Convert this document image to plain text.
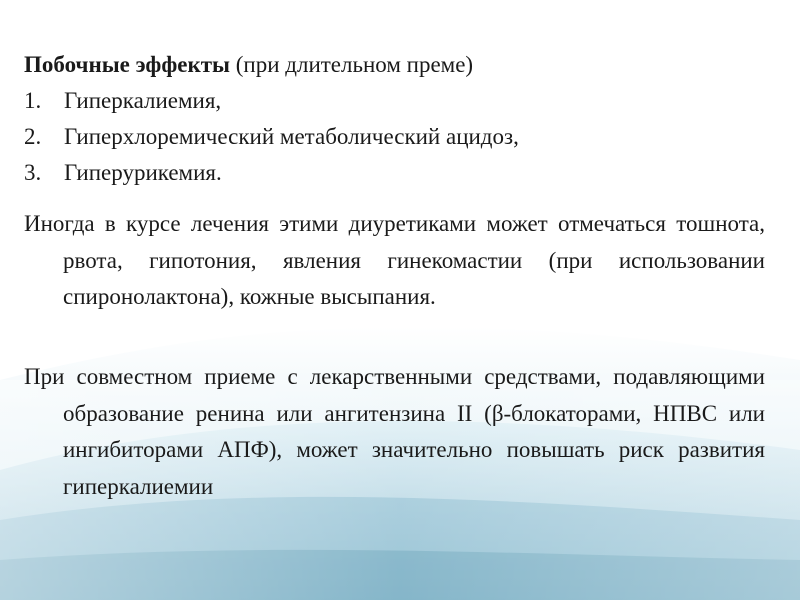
Побочные эффекты (при длительном преме)
1. Гиперкалиемия,
2. Гиперхлоремический метаболический ацидоз,
3. Гиперурикемия.

Иногда в курсе лечения этими диуретиками может отмечаться тошнота, рвота, гипотония, явления гинекомастии (при использовании спиронолактона), кожные высыпания.

При совместном приеме с лекарственными средствами, подавляющими образование ренина или ангитензина II (β-блокаторами, НПВС или ингибиторами АПФ), может значительно повышать риск развития гиперкалиемии
